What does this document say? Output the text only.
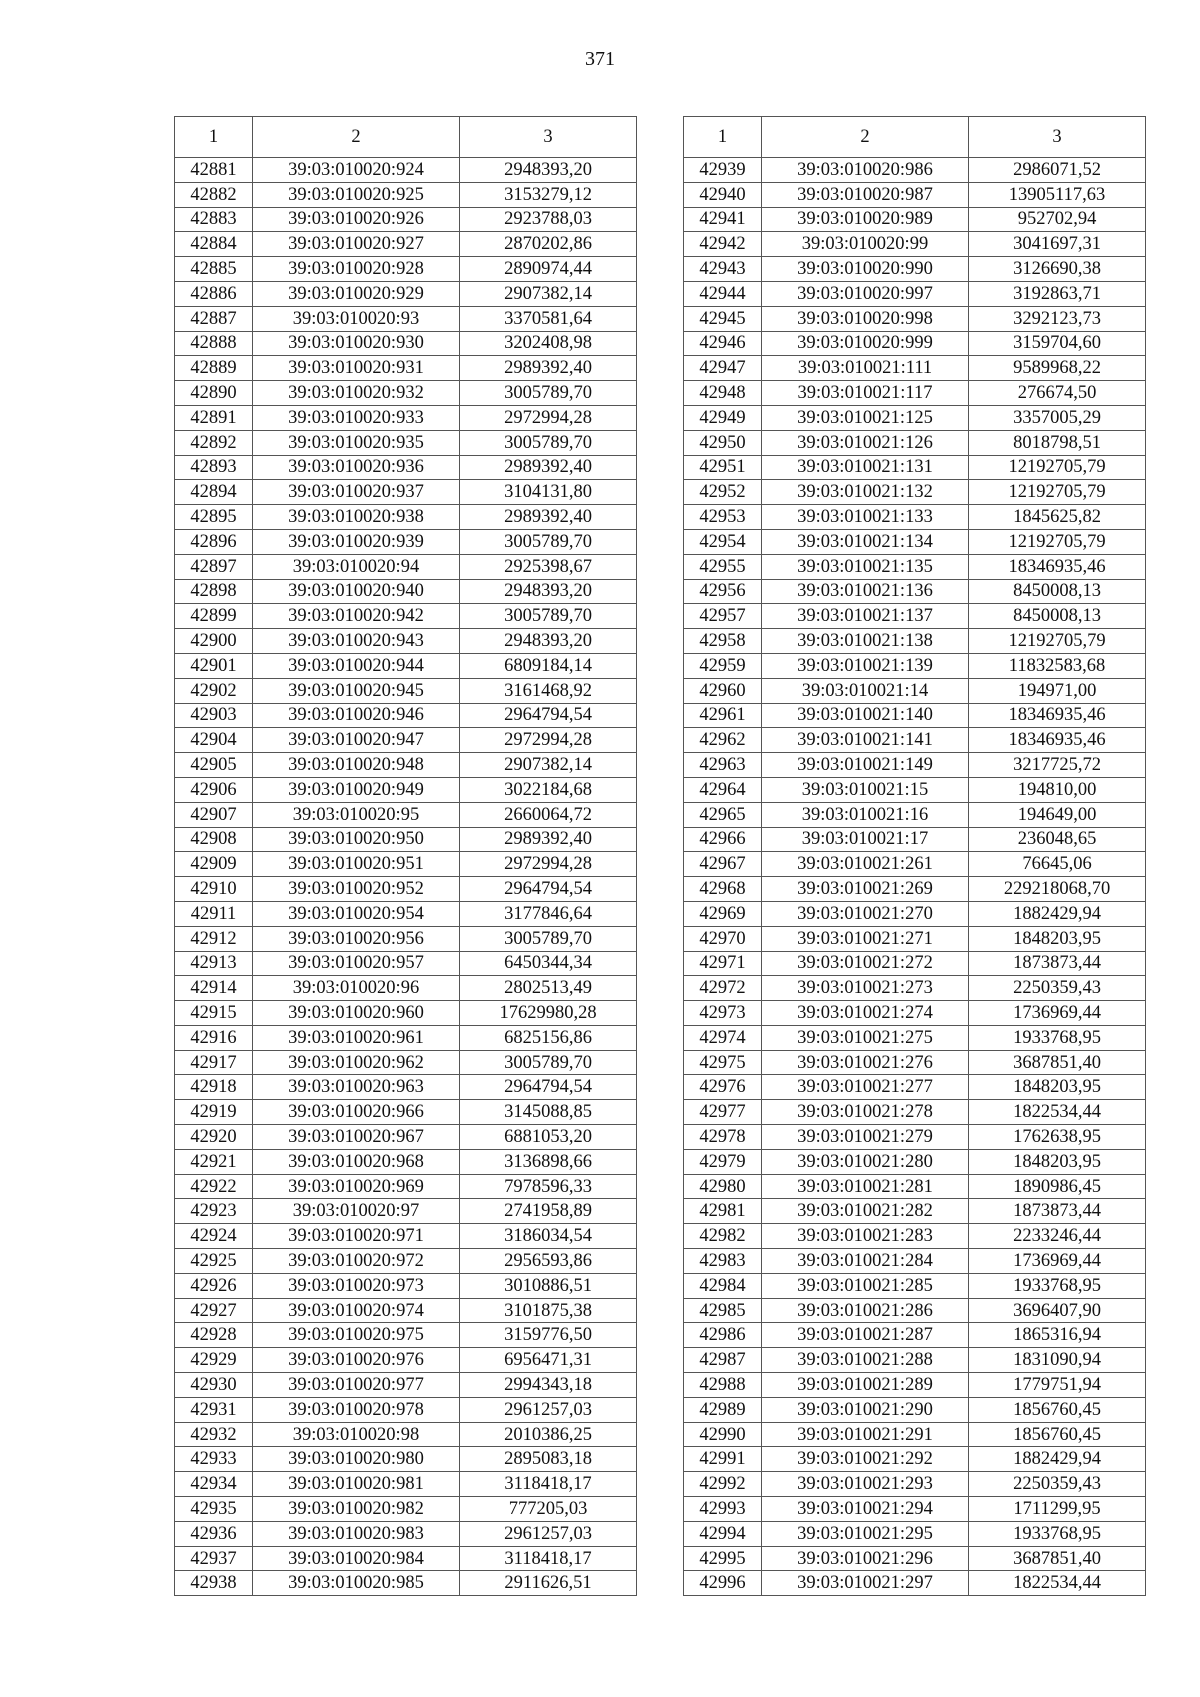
371
1	2	3
42881	39:03:010020:924	2948393,20
42882	39:03:010020:925	3153279,12
42883	39:03:010020:926	2923788,03
42884	39:03:010020:927	2870202,86
42885	39:03:010020:928	2890974,44
42886	39:03:010020:929	2907382,14
42887	39:03:010020:93	3370581,64
42888	39:03:010020:930	3202408,98
42889	39:03:010020:931	2989392,40
42890	39:03:010020:932	3005789,70
42891	39:03:010020:933	2972994,28
42892	39:03:010020:935	3005789,70
42893	39:03:010020:936	2989392,40
42894	39:03:010020:937	3104131,80
42895	39:03:010020:938	2989392,40
42896	39:03:010020:939	3005789,70
42897	39:03:010020:94	2925398,67
42898	39:03:010020:940	2948393,20
42899	39:03:010020:942	3005789,70
42900	39:03:010020:943	2948393,20
42901	39:03:010020:944	6809184,14
42902	39:03:010020:945	3161468,92
42903	39:03:010020:946	2964794,54
42904	39:03:010020:947	2972994,28
42905	39:03:010020:948	2907382,14
42906	39:03:010020:949	3022184,68
42907	39:03:010020:95	2660064,72
42908	39:03:010020:950	2989392,40
42909	39:03:010020:951	2972994,28
42910	39:03:010020:952	2964794,54
42911	39:03:010020:954	3177846,64
42912	39:03:010020:956	3005789,70
42913	39:03:010020:957	6450344,34
42914	39:03:010020:96	2802513,49
42915	39:03:010020:960	17629980,28
42916	39:03:010020:961	6825156,86
42917	39:03:010020:962	3005789,70
42918	39:03:010020:963	2964794,54
42919	39:03:010020:966	3145088,85
42920	39:03:010020:967	6881053,20
42921	39:03:010020:968	3136898,66
42922	39:03:010020:969	7978596,33
42923	39:03:010020:97	2741958,89
42924	39:03:010020:971	3186034,54
42925	39:03:010020:972	2956593,86
42926	39:03:010020:973	3010886,51
42927	39:03:010020:974	3101875,38
42928	39:03:010020:975	3159776,50
42929	39:03:010020:976	6956471,31
42930	39:03:010020:977	2994343,18
42931	39:03:010020:978	2961257,03
42932	39:03:010020:98	2010386,25
42933	39:03:010020:980	2895083,18
42934	39:03:010020:981	3118418,17
42935	39:03:010020:982	777205,03
42936	39:03:010020:983	2961257,03
42937	39:03:010020:984	3118418,17
42938	39:03:010020:985	2911626,51
1	2	3
42939	39:03:010020:986	2986071,52
42940	39:03:010020:987	13905117,63
42941	39:03:010020:989	952702,94
42942	39:03:010020:99	3041697,31
42943	39:03:010020:990	3126690,38
42944	39:03:010020:997	3192863,71
42945	39:03:010020:998	3292123,73
42946	39:03:010020:999	3159704,60
42947	39:03:010021:111	9589968,22
42948	39:03:010021:117	276674,50
42949	39:03:010021:125	3357005,29
42950	39:03:010021:126	8018798,51
42951	39:03:010021:131	12192705,79
42952	39:03:010021:132	12192705,79
42953	39:03:010021:133	1845625,82
42954	39:03:010021:134	12192705,79
42955	39:03:010021:135	18346935,46
42956	39:03:010021:136	8450008,13
42957	39:03:010021:137	8450008,13
42958	39:03:010021:138	12192705,79
42959	39:03:010021:139	11832583,68
42960	39:03:010021:14	194971,00
42961	39:03:010021:140	18346935,46
42962	39:03:010021:141	18346935,46
42963	39:03:010021:149	3217725,72
42964	39:03:010021:15	194810,00
42965	39:03:010021:16	194649,00
42966	39:03:010021:17	236048,65
42967	39:03:010021:261	76645,06
42968	39:03:010021:269	229218068,70
42969	39:03:010021:270	1882429,94
42970	39:03:010021:271	1848203,95
42971	39:03:010021:272	1873873,44
42972	39:03:010021:273	2250359,43
42973	39:03:010021:274	1736969,44
42974	39:03:010021:275	1933768,95
42975	39:03:010021:276	3687851,40
42976	39:03:010021:277	1848203,95
42977	39:03:010021:278	1822534,44
42978	39:03:010021:279	1762638,95
42979	39:03:010021:280	1848203,95
42980	39:03:010021:281	1890986,45
42981	39:03:010021:282	1873873,44
42982	39:03:010021:283	2233246,44
42983	39:03:010021:284	1736969,44
42984	39:03:010021:285	1933768,95
42985	39:03:010021:286	3696407,90
42986	39:03:010021:287	1865316,94
42987	39:03:010021:288	1831090,94
42988	39:03:010021:289	1779751,94
42989	39:03:010021:290	1856760,45
42990	39:03:010021:291	1856760,45
42991	39:03:010021:292	1882429,94
42992	39:03:010021:293	2250359,43
42993	39:03:010021:294	1711299,95
42994	39:03:010021:295	1933768,95
42995	39:03:010021:296	3687851,40
42996	39:03:010021:297	1822534,44
